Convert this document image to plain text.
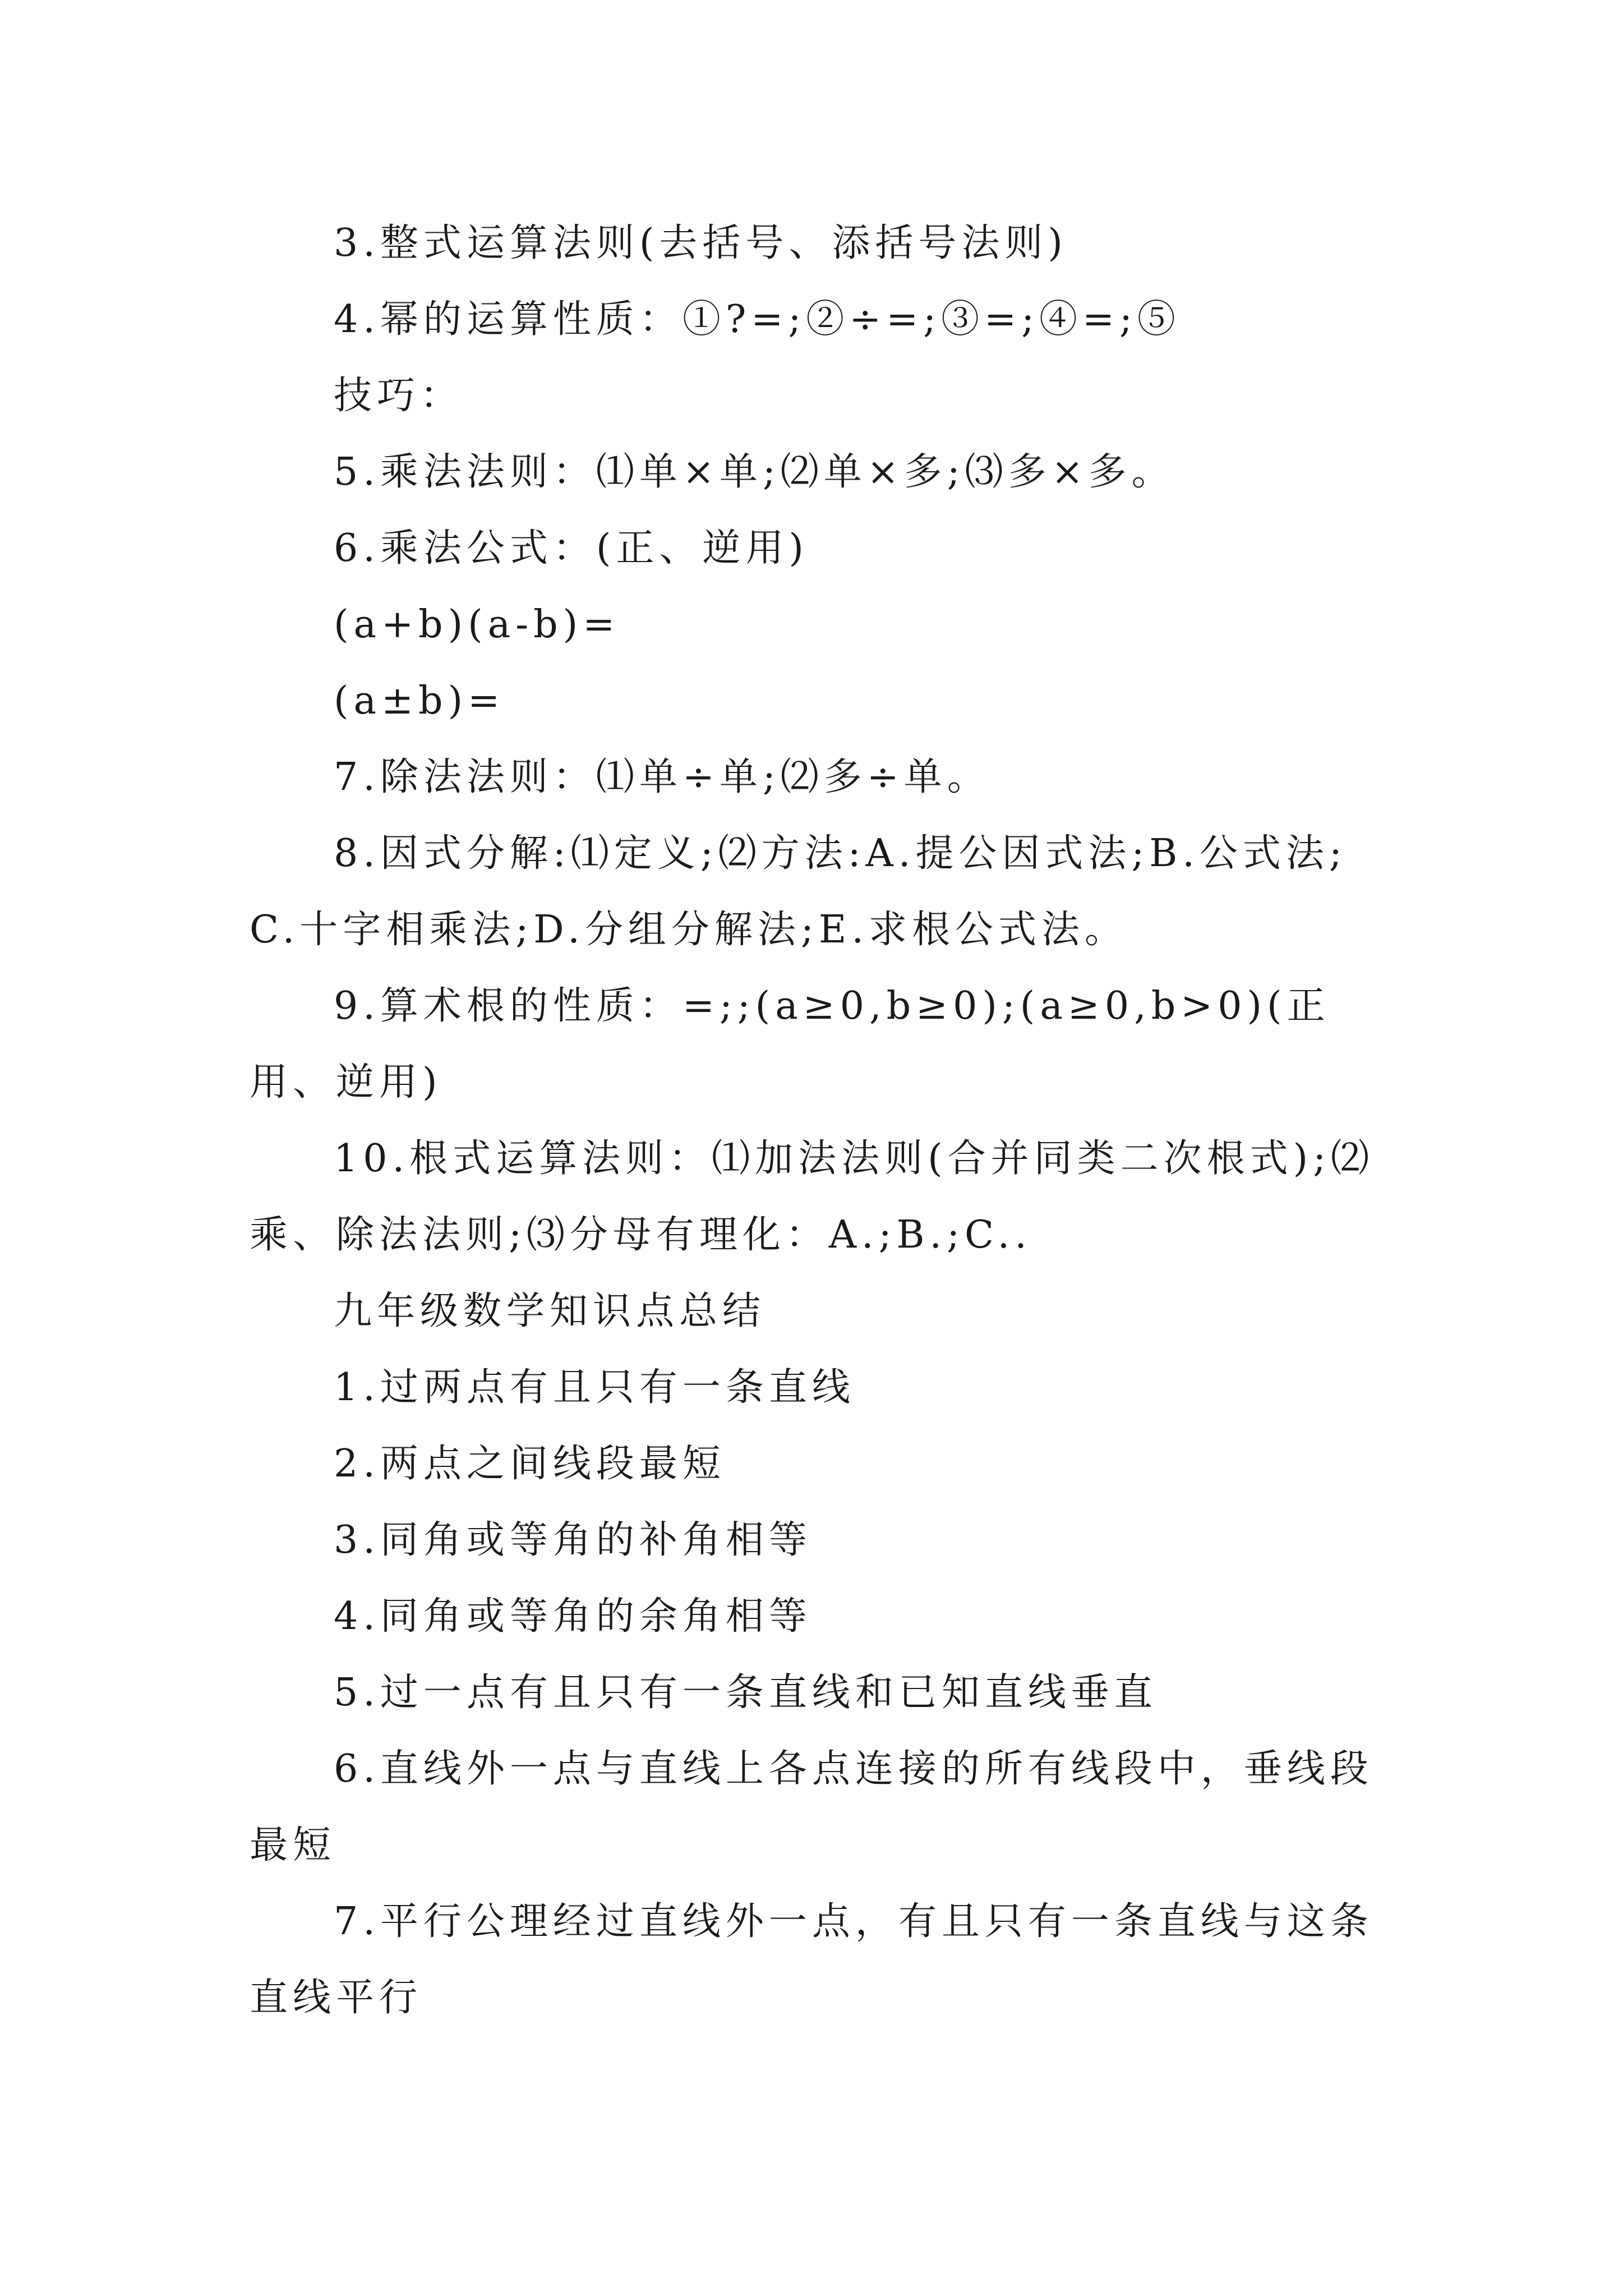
3.整式运算法则(去括号、添括号法则)

4.幂的运算性质：①?=;②÷=;③=;④=;⑤

技巧：

5.乘法法则：⑴单×单;⑵单×多;⑶多×多。

6.乘法公式：(正、逆用)

(a+b)(a-b)=

(a±b)=

7.除法法则：⑴单÷单;⑵多÷单。

8.因式分解:⑴定义;⑵方法:A.提公因式法;B.公式法;C.十字相乘法;D.分组分解法;E.求根公式法。

9.算术根的性质：=;;(a≥0,b≥0);(a≥0,b>0)(正用、逆用)

10.根式运算法则：⑴加法法则(合并同类二次根式);⑵乘、除法法则;⑶分母有理化：A.;B.;C..

九年级数学知识点总结

1.过两点有且只有一条直线

2.两点之间线段最短

3.同角或等角的补角相等

4.同角或等角的余角相等

5.过一点有且只有一条直线和已知直线垂直

6.直线外一点与直线上各点连接的所有线段中，垂线段最短

7.平行公理经过直线外一点，有且只有一条直线与这条直线平行
